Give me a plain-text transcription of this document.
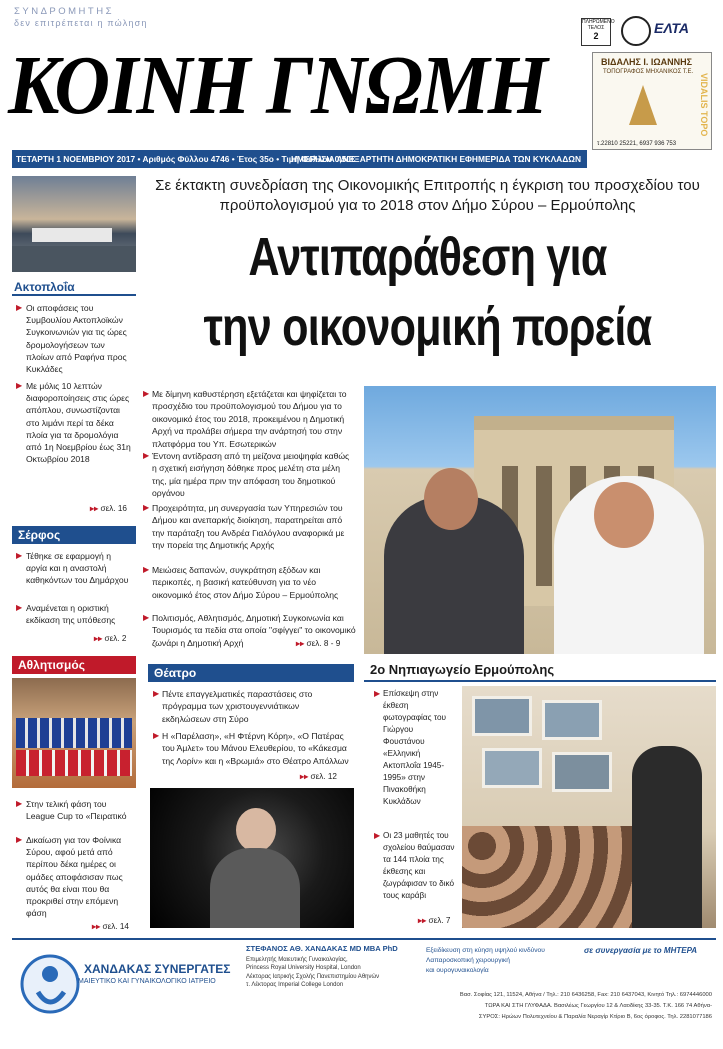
ΣΥΝΔΡΟΜΗΤΗΣ
δεν επιτρέπεται η πώληση
ΚΟΙΝΗ ΓΝΩΜΗ
ΠΛΗΡΩΜΕΝΟ ΤΕΛΟΣ
2	ΕΛΤΑ
ΒΙΔΑΛΗΣ Ι. ΙΩΑΝΝΗΣ
ΤΟΠΟΓΡΑΦΟΣ ΜΗΧΑΝΙΚΟΣ Τ.Ε.
VIDALIS TOPO
τ.22810 25221, 6937 936 753
ΤΕΤΑΡΤΗ 1 ΝΟΕΜΒΡΙΟΥ 2017 • Αριθμός Φύλλου 4746 • Έτος 35ο • Τιμή Φύλλου 0,50€
ΗΜΕΡΗΣΙΑ ΑΝΕΞΑΡΤΗΤΗ ΔΗΜΟΚΡΑΤΙΚΗ ΕΦΗΜΕΡΙΔΑ ΤΩΝ ΚΥΚΛΑΔΩΝ
Ακτοπλοΐα
▶ Οι αποφάσεις του Συμβουλίου Ακτοπλοϊκών Συγκοινωνιών για τις ώρες δρομολογήσεων των πλοίων από Ραφήνα προς Κυκλάδες
▶ Με μόλις 10 λεπτών διαφοροποίησεις στις ώρες απόπλου, συνωστίζονται στο λιμάνι περί τα δέκα πλοία για τα δρομολόγια από 1η Νοεμβρίου έως 31η Οκτωβρίου 2018
▸▸ σελ. 16
Σέρφος
▶ Τέθηκε σε εφαρμογή η αργία και η αναστολή καθηκόντων του Δημάρχου
▶ Αναμένεται η οριστική εκδίκαση της υπόθεσης
▸▸ σελ. 2
Αθλητισμός
▶ Στην τελική φάση του League Cup το «Πειρατικό
▶ Δικαίωση για τον Φοίνικα Σύρου, αφού μετά από περίπου δέκα ημέρες οι ομάδες αποφάσισαν πως αυτός θα είναι που θα προκριθεί στην επόμενη φάση
▸▸ σελ. 14
Σε έκτακτη συνεδρίαση της Οικονομικής Επιτροπής η έγκριση του προσχεδίου του προϋπολογισμού για το 2018 στον Δήμο Σύρου – Ερμούπολης
Αντιπαράθεση για
την οικονομική πορεία
▶ Με δίμηνη καθυστέρηση εξετάζεται και ψηφίζεται το προσχέδιο του προϋπολογισμού του Δήμου για το οικονομικό έτος του 2018, προκειμένου η Δημοτική Αρχή να προλάβει σήμερα την ανάρτησή του στην πλατφόρμα του Υπ. Εσωτερικών
▶ Έντονη αντίδραση από τη μείζονα μειοψηφία καθώς η σχετική εισήγηση δόθηκε προς μελέτη στα μέλη της, μία ημέρα πριν την απόφαση του δημοτικού οργάνου
▶ Προχειρότητα, μη συνεργασία των Υπηρεσιών του Δήμου και ανεπαρκής διοίκηση, παρατηρείται από την παράταξη του Ανδρέα Γιαλόγλου αναφορικά με την πορεία της Δημοτικής Αρχής
▶ Μειώσεις δαπανών, συγκράτηση εξόδων και περικοπές, η βασική κατεύθυνση για το νέο οικονομικό έτος στον Δήμο Σύρου – Ερμούπολης
▶ Πολιτισμός, Αθλητισμός, Δημοτική Συγκοινωνία και Τουρισμός τα πεδία στα οποία "σφίγγει" το οικονομικό ζωνάρι η Δημοτική Αρχή	▸▸ σελ. 8 - 9
Θέατρο
▶ Πέντε επαγγελματικές παραστάσεις στο πρόγραμμα των χριστουγεννιάτικων εκδηλώσεων στη Σύρο
▶ Η «Παρέλαση», «Η Φτέρνη Κόρη», «Ο Πατέρας του Άμλετ» του Μάνου Ελευθερίου, το «Κάκεσμα της Λορίν» και η «Βρωμιά» στο Θέατρο Απόλλων
▸▸ σελ. 12
2ο Νηπιαγωγείο Ερμούπολης
▶ Επίσκεψη στην έκθεση φωτογραφίας του Γιώργου Φουστάνου «Ελληνική Ακτοπλοΐα 1945-1995» στην Πινακοθήκη Κυκλάδων
▶ Οι 23 μαθητές του σχολείου θαύμασαν τα 144 πλοία της έκθεσης και ζωγράφισαν το δικό τους καράβι
▸▸ σελ. 7
ΧΑΝΔΑΚΑΣ ΣΥΝΕΡΓΑΤΕΣ
ΜΑΙΕΥΤΙΚΟ ΚΑΙ ΓΥΝΑΙΚΟΛΟΓΙΚΟ ΙΑΤΡΕΙΟ
ΣΤΕΦΑΝΟΣ ΑΘ. ΧΑΝΔΑΚΑΣ MD MBA PhD
Επιμελητής Μαιευτικής Γυναικολογίας,
Princess Royal University Hospital, London
Λέκτορας Ιατρικής Σχολής Πανεπιστημίου Αθηνών
τ. Λέκτορας Imperial College London
Εξειδίκευση στη κύηση υψηλού κινδύνου
Λαπαροσκοπική χειρουργική
και ουρογυναικολογία
σε συνεργασία με το ΜΗΤΕΡΑ
Βασ. Σοφίας 121, 11524, Αθήνα / Τηλ.: 210 6436258, Fax: 210 6437043, Κινητό Τηλ.: 6974446000
ΤΩΡΑ ΚΑΙ ΣΤΗ ΓΛΥΦΑΔΑ. Βασιλέως Γεωργίου 12 & Λαοδίκης 33-35. Τ.Κ. 166 74 Αθήνα-
ΣΥΡΟΣ: Ηρώων Πολυτεχνείου & Παραλία Νεραγίρ Κτίριο Β, 6ος όροφος. Τηλ. 2281077186
